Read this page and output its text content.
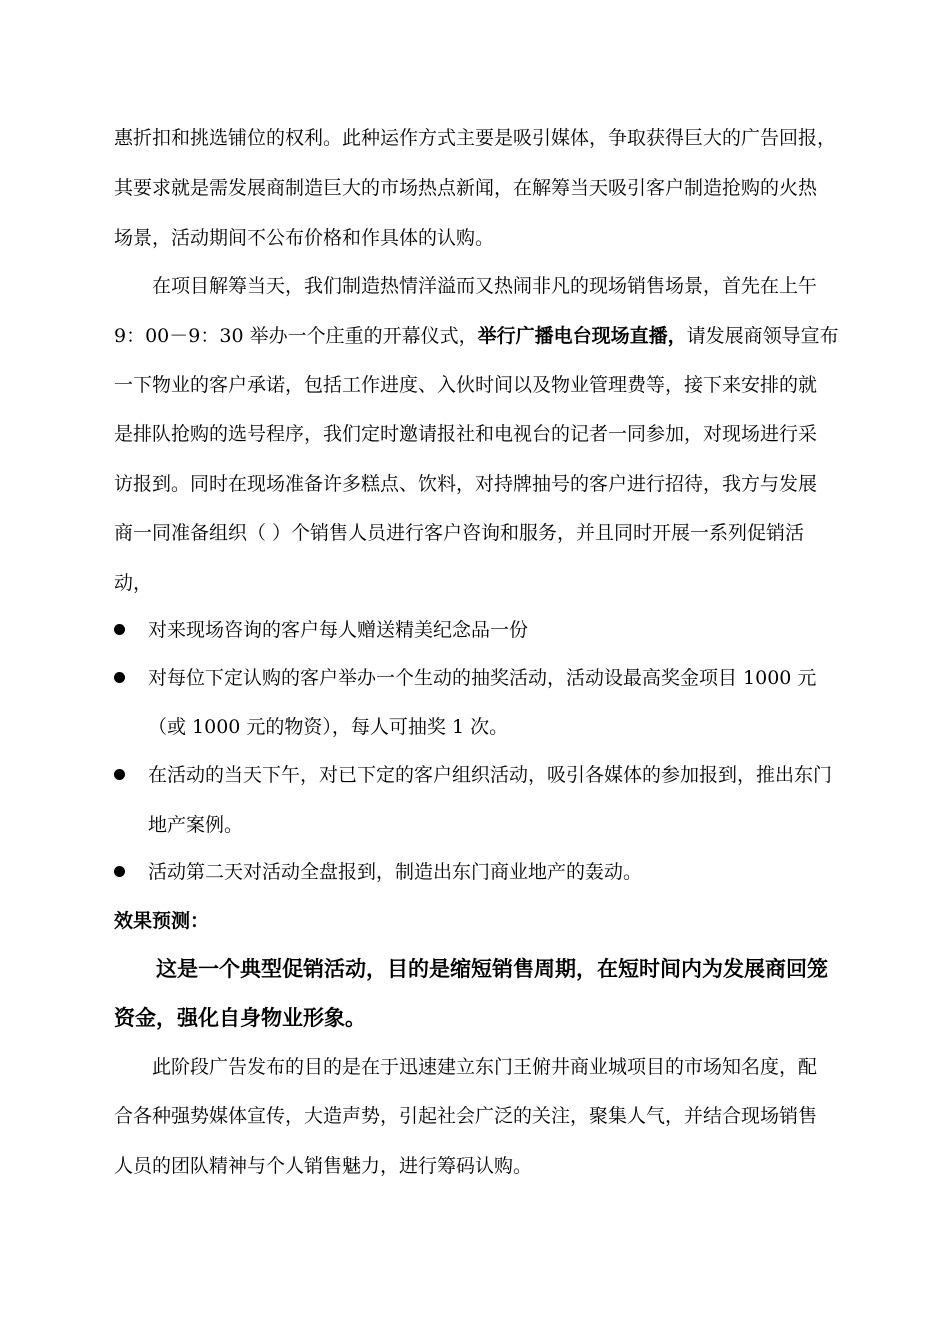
惠折扣和挑选铺位的权利。此种运作方式主要是吸引媒体，争取获得巨大的广告回报，
其要求就是需发展商制造巨大的市场热点新闻，在解筹当天吸引客户制造抢购的火热
场景，活动期间不公布价格和作具体的认购。
在项目解筹当天，我们制造热情洋溢而又热闹非凡的现场销售场景，首先在上午
9：00－9：30 举办一个庄重的开幕仪式，举行广播电台现场直播，请发展商领导宣布
一下物业的客户承诺，包括工作进度、入伙时间以及物业管理费等，接下来安排的就
是排队抢购的选号程序，我们定时邀请报社和电视台的记者一同参加，对现场进行采
访报到。同时在现场准备许多糕点、饮料，对持牌抽号的客户进行招待，我方与发展
商一同准备组织（ ）个销售人员进行客户咨询和服务，并且同时开展一系列促销活
动，
对来现场咨询的客户每人赠送精美纪念品一份
对每位下定认购的客户举办一个生动的抽奖活动，活动设最高奖金项目 1000 元
（或 1000 元的物资），每人可抽奖 1 次。
在活动的当天下午，对已下定的客户组织活动，吸引各媒体的参加报到，推出东门
地产案例。
活动第二天对活动全盘报到，制造出东门商业地产的轰动。
效果预测：
这是一个典型促销活动，目的是缩短销售周期，在短时间内为发展商回笼
资金，强化自身物业形象。
此阶段广告发布的目的是在于迅速建立东门王俯井商业城项目的市场知名度，配
合各种强势媒体宣传，大造声势，引起社会广泛的关注，聚集人气，并结合现场销售
人员的团队精神与个人销售魅力，进行筹码认购。
